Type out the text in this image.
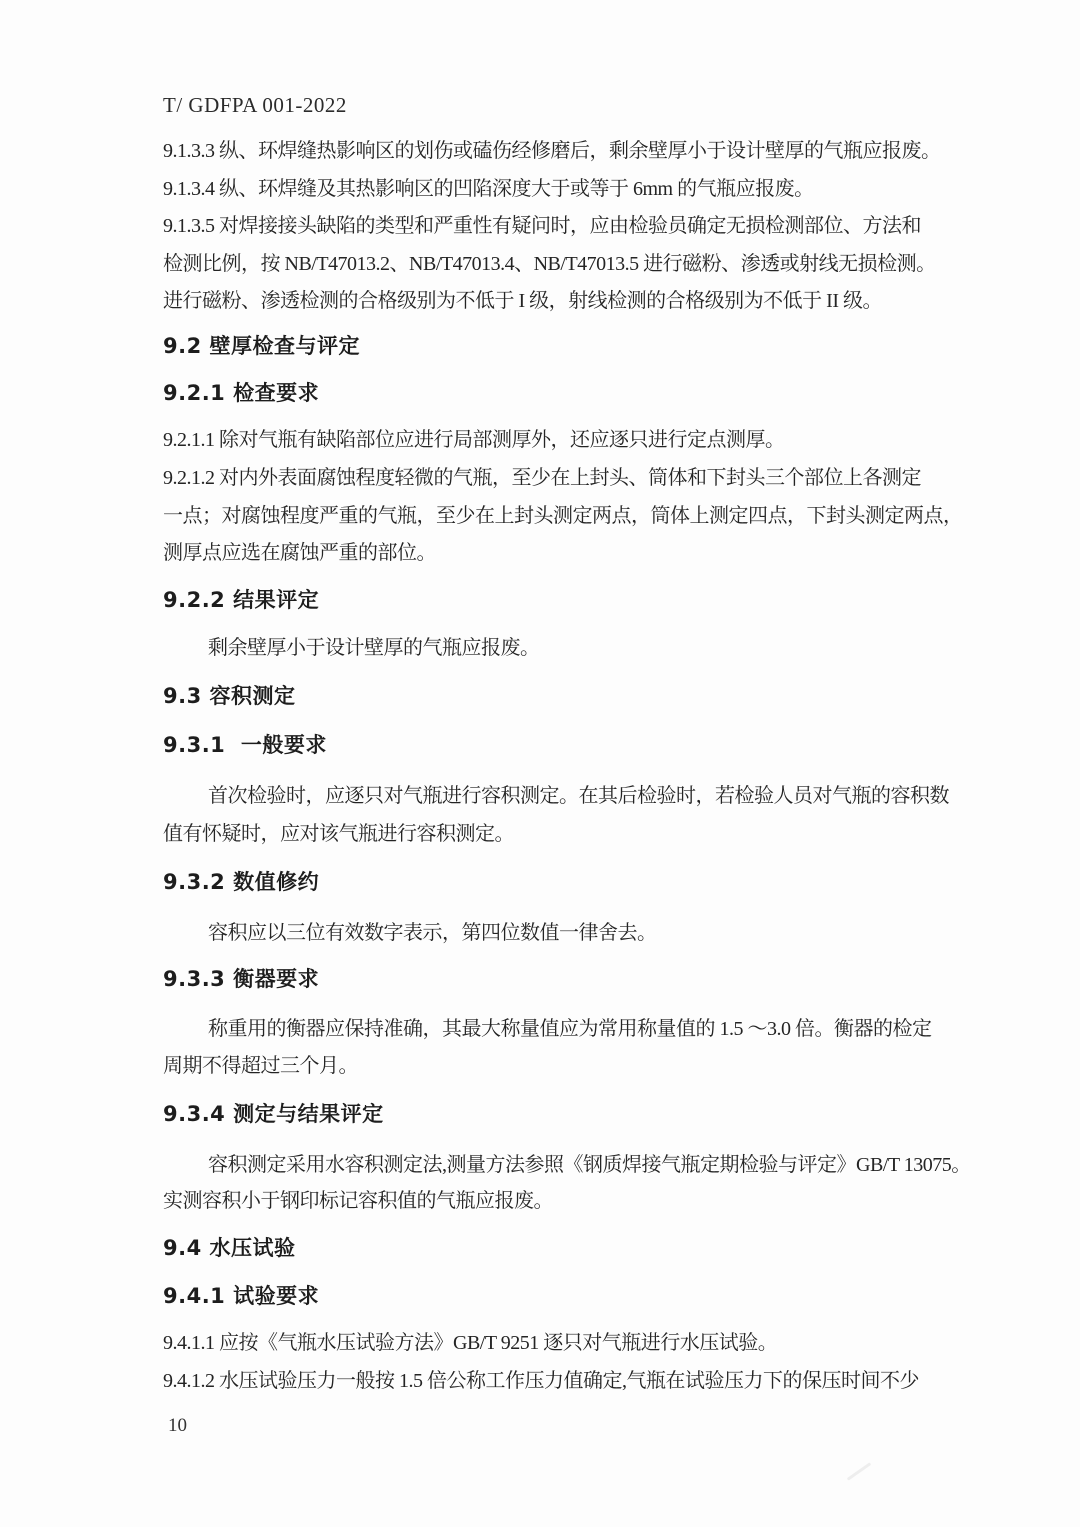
T/ GDFPA 001-2022
9.1.3.3 纵、环焊缝热影响区的划伤或磕伤经修磨后，剩余壁厚小于设计壁厚的气瓶应报废。
9.1.3.4 纵、环焊缝及其热影响区的凹陷深度大于或等于 6mm 的气瓶应报废。
9.1.3.5 对焊接接头缺陷的类型和严重性有疑问时，应由检验员确定无损检测部位、方法和
检测比例，按 NB/T47013.2、NB/T47013.4、NB/T47013.5 进行磁粉、渗透或射线无损检测。
进行磁粉、渗透检测的合格级别为不低于 I 级，射线检测的合格级别为不低于 II 级。
9.2 壁厚检查与评定
9.2.1 检查要求
9.2.1.1 除对气瓶有缺陷部位应进行局部测厚外，还应逐只进行定点测厚。
9.2.1.2 对内外表面腐蚀程度轻微的气瓶，至少在上封头、筒体和下封头三个部位上各测定
一点；对腐蚀程度严重的气瓶，至少在上封头测定两点，筒体上测定四点，下封头测定两点，
测厚点应选在腐蚀严重的部位。
9.2.2 结果评定
剩余壁厚小于设计壁厚的气瓶应报废。
9.3 容积测定
9.3.1  一般要求
首次检验时，应逐只对气瓶进行容积测定。在其后检验时，若检验人员对气瓶的容积数
值有怀疑时，应对该气瓶进行容积测定。
9.3.2 数值修约
容积应以三位有效数字表示，第四位数值一律舍去。
9.3.3 衡器要求
称重用的衡器应保持准确，其最大称量值应为常用称量值的 1.5 ～3.0 倍。衡器的检定
周期不得超过三个月。
9.3.4 测定与结果评定
容积测定采用水容积测定法,测量方法参照《钢质焊接气瓶定期检验与评定》GB/T 13075。
实测容积小于钢印标记容积值的气瓶应报废。
9.4 水压试验
9.4.1 试验要求
9.4.1.1 应按《气瓶水压试验方法》GB/T 9251 逐只对气瓶进行水压试验。
9.4.1.2 水压试验压力一般按 1.5 倍公称工作压力值确定,气瓶在试验压力下的保压时间不少
10
